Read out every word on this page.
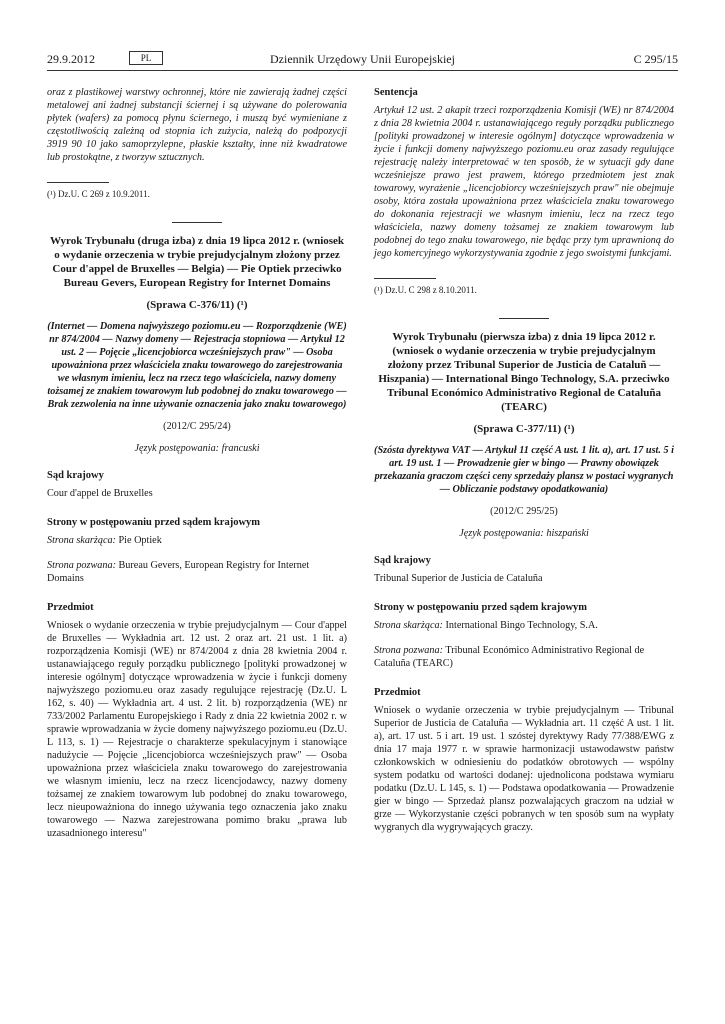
29.9.2012	PL	Dziennik Urzędowy Unii Europejskiej	C 295/15

oraz z plastikowej warstwy ochronnej, które nie zawierają żadnej części metalowej ani żadnej substancji ściernej i są używane do polerowania płytek (wafers) za pomocą płynu ściernego, i muszą być wymieniane z częstotliwością zależną od stopnia ich zużycia, należą do podpozycji 3919 90 10 jako samoprzylepne, płaskie kształty, inne niż kwadratowe lub prostokątne, z tworzyw sztucznych.

(¹) Dz.U. C 269 z 10.9.2011.

Wyrok Trybunału (druga izba) z dnia 19 lipca 2012 r. (wniosek o wydanie orzeczenia w trybie prejudycjalnym złożony przez Cour d'appel de Bruxelles — Belgia) — Pie Optiek przeciwko Bureau Gevers, European Registry for Internet Domains
(Sprawa C-376/11) (¹)

(Internet — Domena najwyższego poziomu.eu — Rozporządzenie (WE) nr 874/2004 — Nazwy domeny — Rejestracja stopniowa — Artykuł 12 ust. 2 — Pojęcie „licencjobiorca wcześniejszych praw" — Osoba upoważniona przez właściciela znaku towarowego do zarejestrowania we własnym imieniu, lecz na rzecz tego właściciela, nazwy domeny tożsamej ze znakiem towarowym lub podobnej do znaku towarowego — Brak zezwolenia na inne używanie oznaczenia jako znaku towarowego)

(2012/C 295/24)

Język postępowania: francuski

Sąd krajowy

Cour d'appel de Bruxelles

Strony w postępowaniu przed sądem krajowym

Strona skarżąca: Pie Optiek

Strona pozwana: Bureau Gevers, European Registry for Internet Domains

Przedmiot

Wniosek o wydanie orzeczenia w trybie prejudycjalnym — Cour d'appel de Bruxelles — Wykładnia art. 12 ust. 2 oraz art. 21 ust. 1 lit. a) rozporządzenia Komisji (WE) nr 874/2004 z dnia 28 kwietnia 2004 r. ustanawiającego reguły porządku publicznego [polityki prowadzonej w interesie ogólnym] dotyczące wprowadzenia w życie i funkcji domeny najwyższego poziomu.eu oraz zasady regulujące rejestrację (Dz.U. L 162, s. 40) — Wykładnia art. 4 ust. 2 lit. b) rozporządzenia (WE) nr 733/2002 Parlamentu Europejskiego i Rady z dnia 22 kwietnia 2002 r. w sprawie wprowadzania w życie domeny najwyższego poziomu.eu (Dz.U. L 113, s. 1) — Rejestracje o charakterze spekulacyjnym i stanowiące nadużycie — Pojęcie „licencjobiorca wcześniejszych praw" — Osoba upoważniona przez właściciela znaku towarowego do zarejestrowania we własnym imieniu, lecz na rzecz licencjodawcy, nazwy domeny tożsamej ze znakiem towarowym lub podobnej do znaku towarowego, lecz nieupoważniona do innego używania tego oznaczenia jako znaku towarowego — Nazwa zarejestrowana pomimo braku „prawa lub uzasadnionego interesu"

Sentencja

Artykuł 12 ust. 2 akapit trzeci rozporządzenia Komisji (WE) nr 874/2004 z dnia 28 kwietnia 2004 r. ustanawiającego reguły porządku publicznego [polityki prowadzonej w interesie ogólnym] dotyczące wprowadzenia w życie i funkcji domeny najwyższego poziomu.eu oraz zasady regulujące rejestrację należy interpretować w ten sposób, że w sytuacji gdy dane wcześniejsze prawo jest prawem, którego przedmiotem jest znak towarowy, wyrażenie „licencjobiorcy wcześniejszych praw" nie obejmuje osoby, która została upoważniona przez właściciela znaku towarowego do dokonania rejestracji we własnym imieniu, lecz na rzecz tego właściciela, nazwy domeny tożsamej ze znakiem towarowym lub podobnej do tego znaku towarowego, nie będąc przy tym uprawnioną do jego komercyjnego wykorzystywania zgodnie z jego swoistymi funkcjami.

(¹) Dz.U. C 298 z 8.10.2011.

Wyrok Trybunału (pierwsza izba) z dnia 19 lipca 2012 r. (wniosek o wydanie orzeczenia w trybie prejudycjalnym złożony przez Tribunal Superior de Justicia de Cataluñ — Hiszpania) — International Bingo Technology, S.A. przeciwko Tribunal Económico Administrativo Regional de Cataluña (TEARC)
(Sprawa C-377/11) (¹)

(Szósta dyrektywa VAT — Artykuł 11 część A ust. 1 lit. a), art. 17 ust. 5 i art. 19 ust. 1 — Prowadzenie gier w bingo — Prawny obowiązek przekazania graczom części ceny sprzedaży plansz w postaci wygranych — Obliczanie podstawy opodatkowania)

(2012/C 295/25)

Język postępowania: hiszpański

Sąd krajowy

Tribunal Superior de Justicia de Cataluña

Strony w postępowaniu przed sądem krajowym

Strona skarżąca: International Bingo Technology, S.A.

Strona pozwana: Tribunal Económico Administrativo Regional de Cataluña (TEARC)

Przedmiot

Wniosek o wydanie orzeczenia w trybie prejudycjalnym — Tribunal Superior de Justicia de Cataluña — Wykładnia art. 11 część A ust. 1 lit. a), art. 17 ust. 5 i art. 19 ust. 1 szóstej dyrektywy Rady 77/388/EWG z dnia 17 maja 1977 r. w sprawie harmonizacji ustawodawstw państw członkowskich w odniesieniu do podatków obrotowych — wspólny system podatku od wartości dodanej: ujednolicona podstawa wymiaru podatku (Dz.U. L 145, s. 1) — Podstawa opodatkowania — Prowadzenie gier w bingo — Sprzedaż plansz pozwalających graczom na udział w grze — Wykorzystanie części pobranych w ten sposób sum na wypłaty wygranych dla wygrywających graczy.
